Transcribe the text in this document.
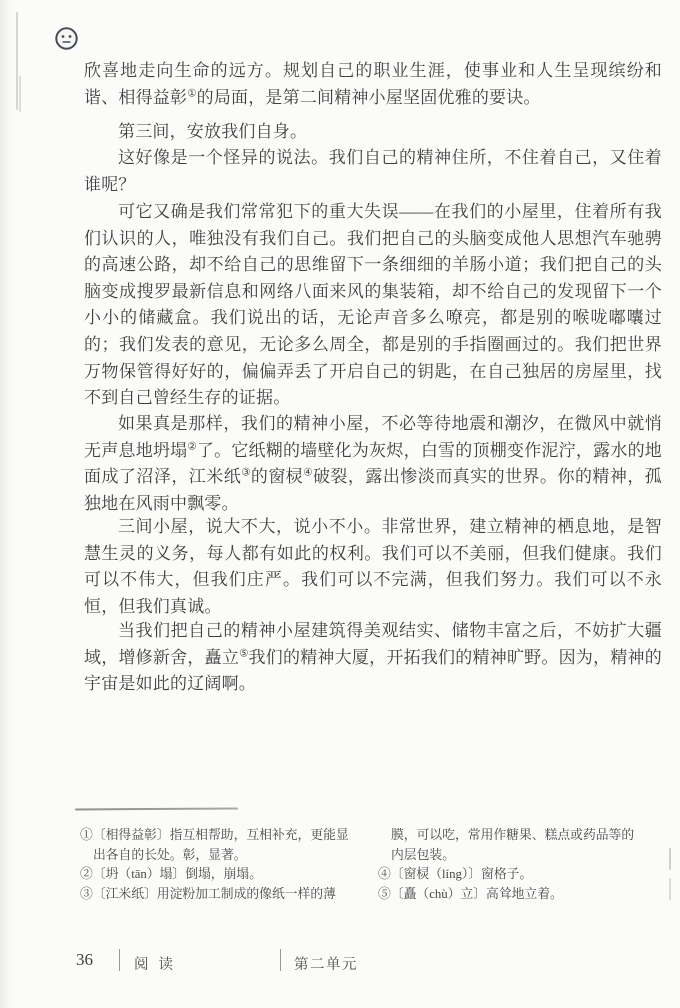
欣喜地走向生命的远方。规划自己的职业生涯，使事业和人生呈现缤纷和谐、相得益彰①的局面，是第二间精神小屋坚固优雅的要诀。

第三间，安放我们自身。

这好像是一个怪异的说法。我们自己的精神住所，不住着自己，又住着谁呢？

可它又确是我们常常犯下的重大失误——在我们的小屋里，住着所有我们认识的人，唯独没有我们自己。我们把自己的头脑变成他人思想汽车驰骋的高速公路，却不给自己的思维留下一条细细的羊肠小道；我们把自己的头脑变成搜罗最新信息和网络八面来风的集装箱，却不给自己的发现留下一个小小的储藏盒。我们说出的话，无论声音多么嘹亮，都是别的喉咙嘟囔过的；我们发表的意见，无论多么周全，都是别的手指圈画过的。我们把世界万物保管得好好的，偏偏弄丢了开启自己的钥匙，在自己独居的房屋里，找不到自己曾经生存的证据。

如果真是那样，我们的精神小屋，不必等待地震和潮汐，在微风中就悄无声息地坍塌②了。它纸糊的墙壁化为灰烬，白雪的顶棚变作泥泞，露水的地面成了沼泽，江米纸③的窗棂④破裂，露出惨淡而真实的世界。你的精神，孤独地在风雨中飘零。

三间小屋，说大不大，说小不小。非常世界，建立精神的栖息地，是智慧生灵的义务，每人都有如此的权利。我们可以不美丽，但我们健康。我们可以不伟大，但我们庄严。我们可以不完满，但我们努力。我们可以不永恒，但我们真诚。

当我们把自己的精神小屋建筑得美观结实、储物丰富之后，不妨扩大疆域，增修新舍，矗立⑤我们的精神大厦，开拓我们的精神旷野。因为，精神的宇宙是如此的辽阔啊。

①〔相得益彰〕指互相帮助，互相补充，更能显出各自的长处。彰，显著。

②〔坍（tān）塌〕倒塌，崩塌。

③〔江米纸〕用淀粉加工制成的像纸一样的薄

膜，可以吃，常用作糖果、糕点或药品等的内层包装。

④〔窗棂（líng）〕窗格子。

⑤〔矗（chù）立〕高耸地立着。

36	阅读	第二单元
